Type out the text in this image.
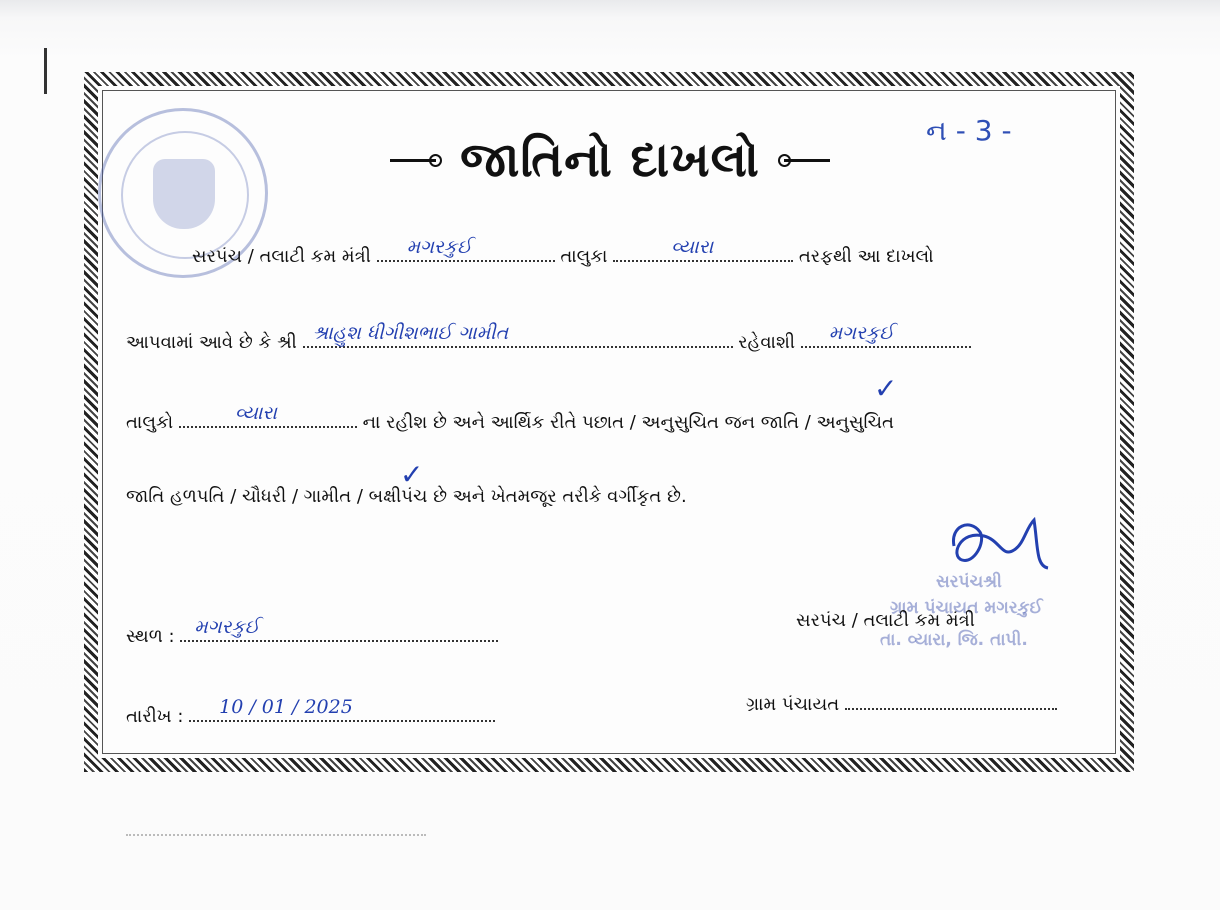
જાતિનો દાખલો
ન - 3 -
સરપંચ / તલાટી કમ મંત્રી મગરકુઈ	તાલુકા	વ્યારા	તરફથી આ દાખલો
આપવામાં આવે છે કે શ્રી શ્રાહુશ ધીગીશભાઈ ગામીત	રહેવાશી મગરકુઈ
તાલુકો	વ્યારા	ના રહીશ છે અને આર્થિક રીતે પછાત / અનુસુચિત જન જાતિ / અનુસુચિત
✓
જાતિ હળપતિ / ચૌધરી / ગામીત / બક્ષીપંચ છે અને ખેતમજૂર તરીકે વર્ગીકૃત છે.
✓
સરપંચશ્રી
ગ્રામ પંચાયત મગરકુઈ
તા. વ્યારા, જિ. તાપી.
સ્થળ : મગરકુઈ	સરપંચ / તલાટી કમ મંત્રી
તારીખ : 10 / 01 / 2025	ગ્રામ પંચાયત
